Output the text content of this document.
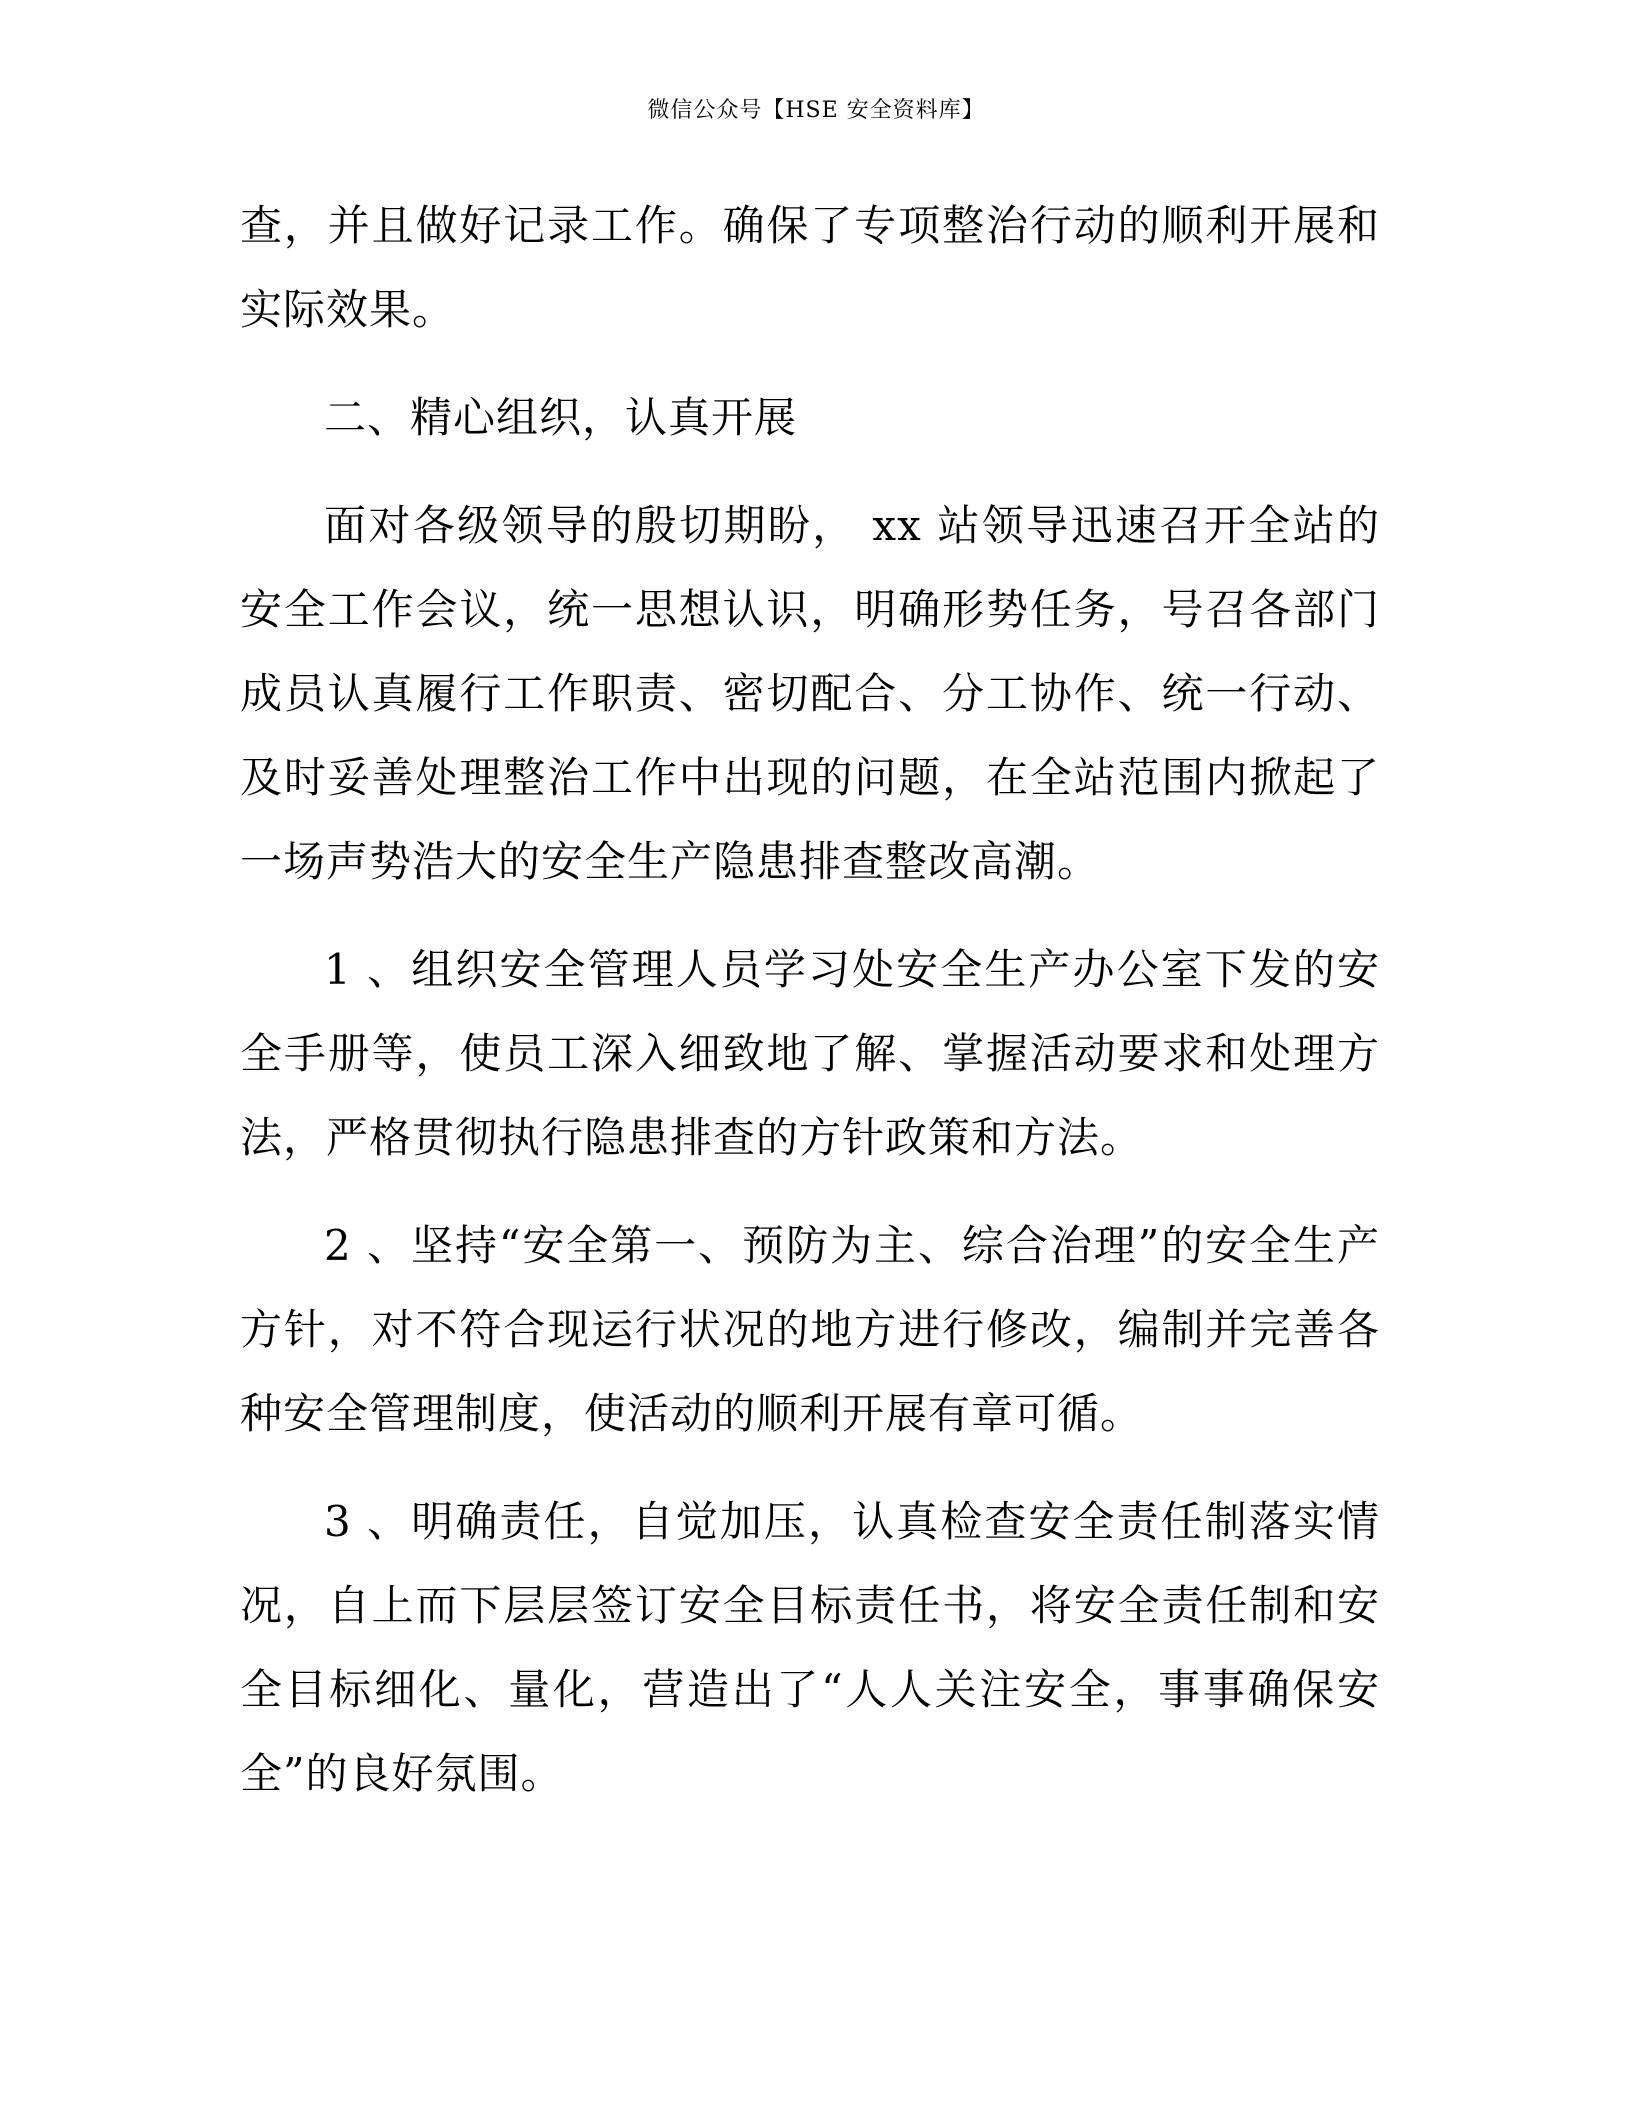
微信公众号【HSE 安全资料库】

查，并且做好记录工作。确保了专项整治行动的顺利开展和实际效果。

二、精心组织，认真开展

面对各级领导的殷切期盼， xx 站领导迅速召开全站的安全工作会议，统一思想认识，明确形势任务，号召各部门成员认真履行工作职责、密切配合、分工协作、统一行动、及时妥善处理整治工作中出现的问题，在全站范围内掀起了一场声势浩大的安全生产隐患排查整改高潮。

1 、组织安全管理人员学习处安全生产办公室下发的安全手册等，使员工深入细致地了解、掌握活动要求和处理方法，严格贯彻执行隐患排查的方针政策和方法。

2 、坚持“安全第一、预防为主、综合治理”的安全生产方针，对不符合现运行状况的地方进行修改，编制并完善各种安全管理制度，使活动的顺利开展有章可循。

3 、明确责任，自觉加压，认真检查安全责任制落实情况，自上而下层层签订安全目标责任书，将安全责任制和安全目标细化、量化，营造出了“人人关注安全，事事确保安全”的良好氛围。
